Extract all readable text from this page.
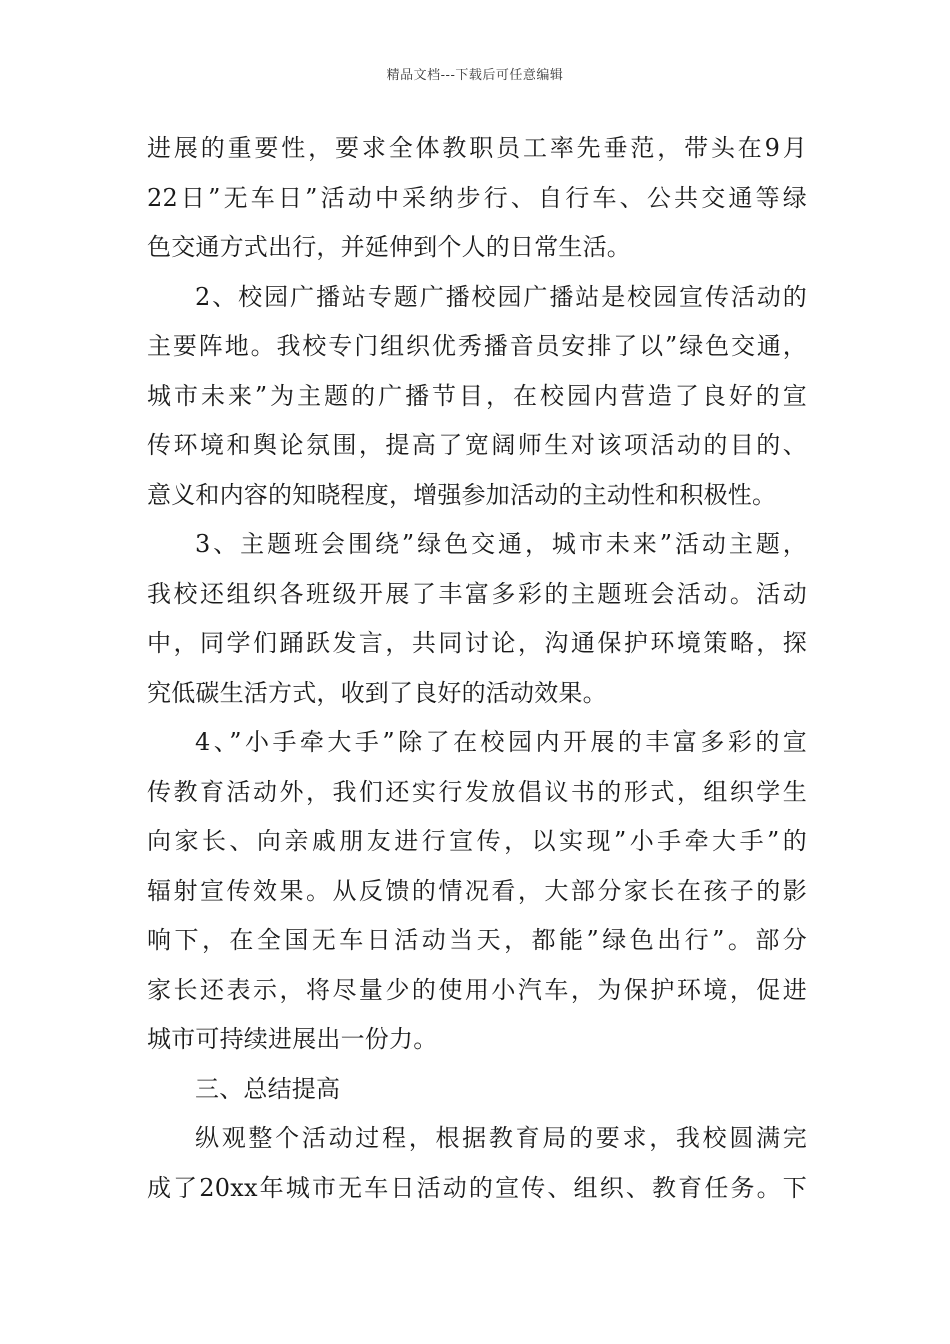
精品文档---下载后可任意编辑
进展的重要性，要求全体教职员工率先垂范，带头在9月
22日”无车日”活动中采纳步行、自行车、公共交通等绿
色交通方式出行，并延伸到个人的日常生活。
2、校园广播站专题广播校园广播站是校园宣传活动的
主要阵地。我校专门组织优秀播音员安排了以”绿色交通，
城市未来”为主题的广播节目，在校园内营造了良好的宣
传环境和舆论氛围，提高了宽阔师生对该项活动的目的、
意义和内容的知晓程度，增强参加活动的主动性和积极性。
3、主题班会围绕”绿色交通，城市未来”活动主题，
我校还组织各班级开展了丰富多彩的主题班会活动。活动
中，同学们踊跃发言，共同讨论，沟通保护环境策略，探
究低碳生活方式，收到了良好的活动效果。
4、”小手牵大手”除了在校园内开展的丰富多彩的宣
传教育活动外，我们还实行发放倡议书的形式，组织学生
向家长、向亲戚朋友进行宣传，以实现”小手牵大手”的
辐射宣传效果。从反馈的情况看，大部分家长在孩子的影
响下，在全国无车日活动当天，都能”绿色出行”。部分
家长还表示，将尽量少的使用小汽车，为保护环境，促进
城市可持续进展出一份力。
三、总结提高
纵观整个活动过程，根据教育局的要求，我校圆满完
成了20xx年城市无车日活动的宣传、组织、教育任务。下
